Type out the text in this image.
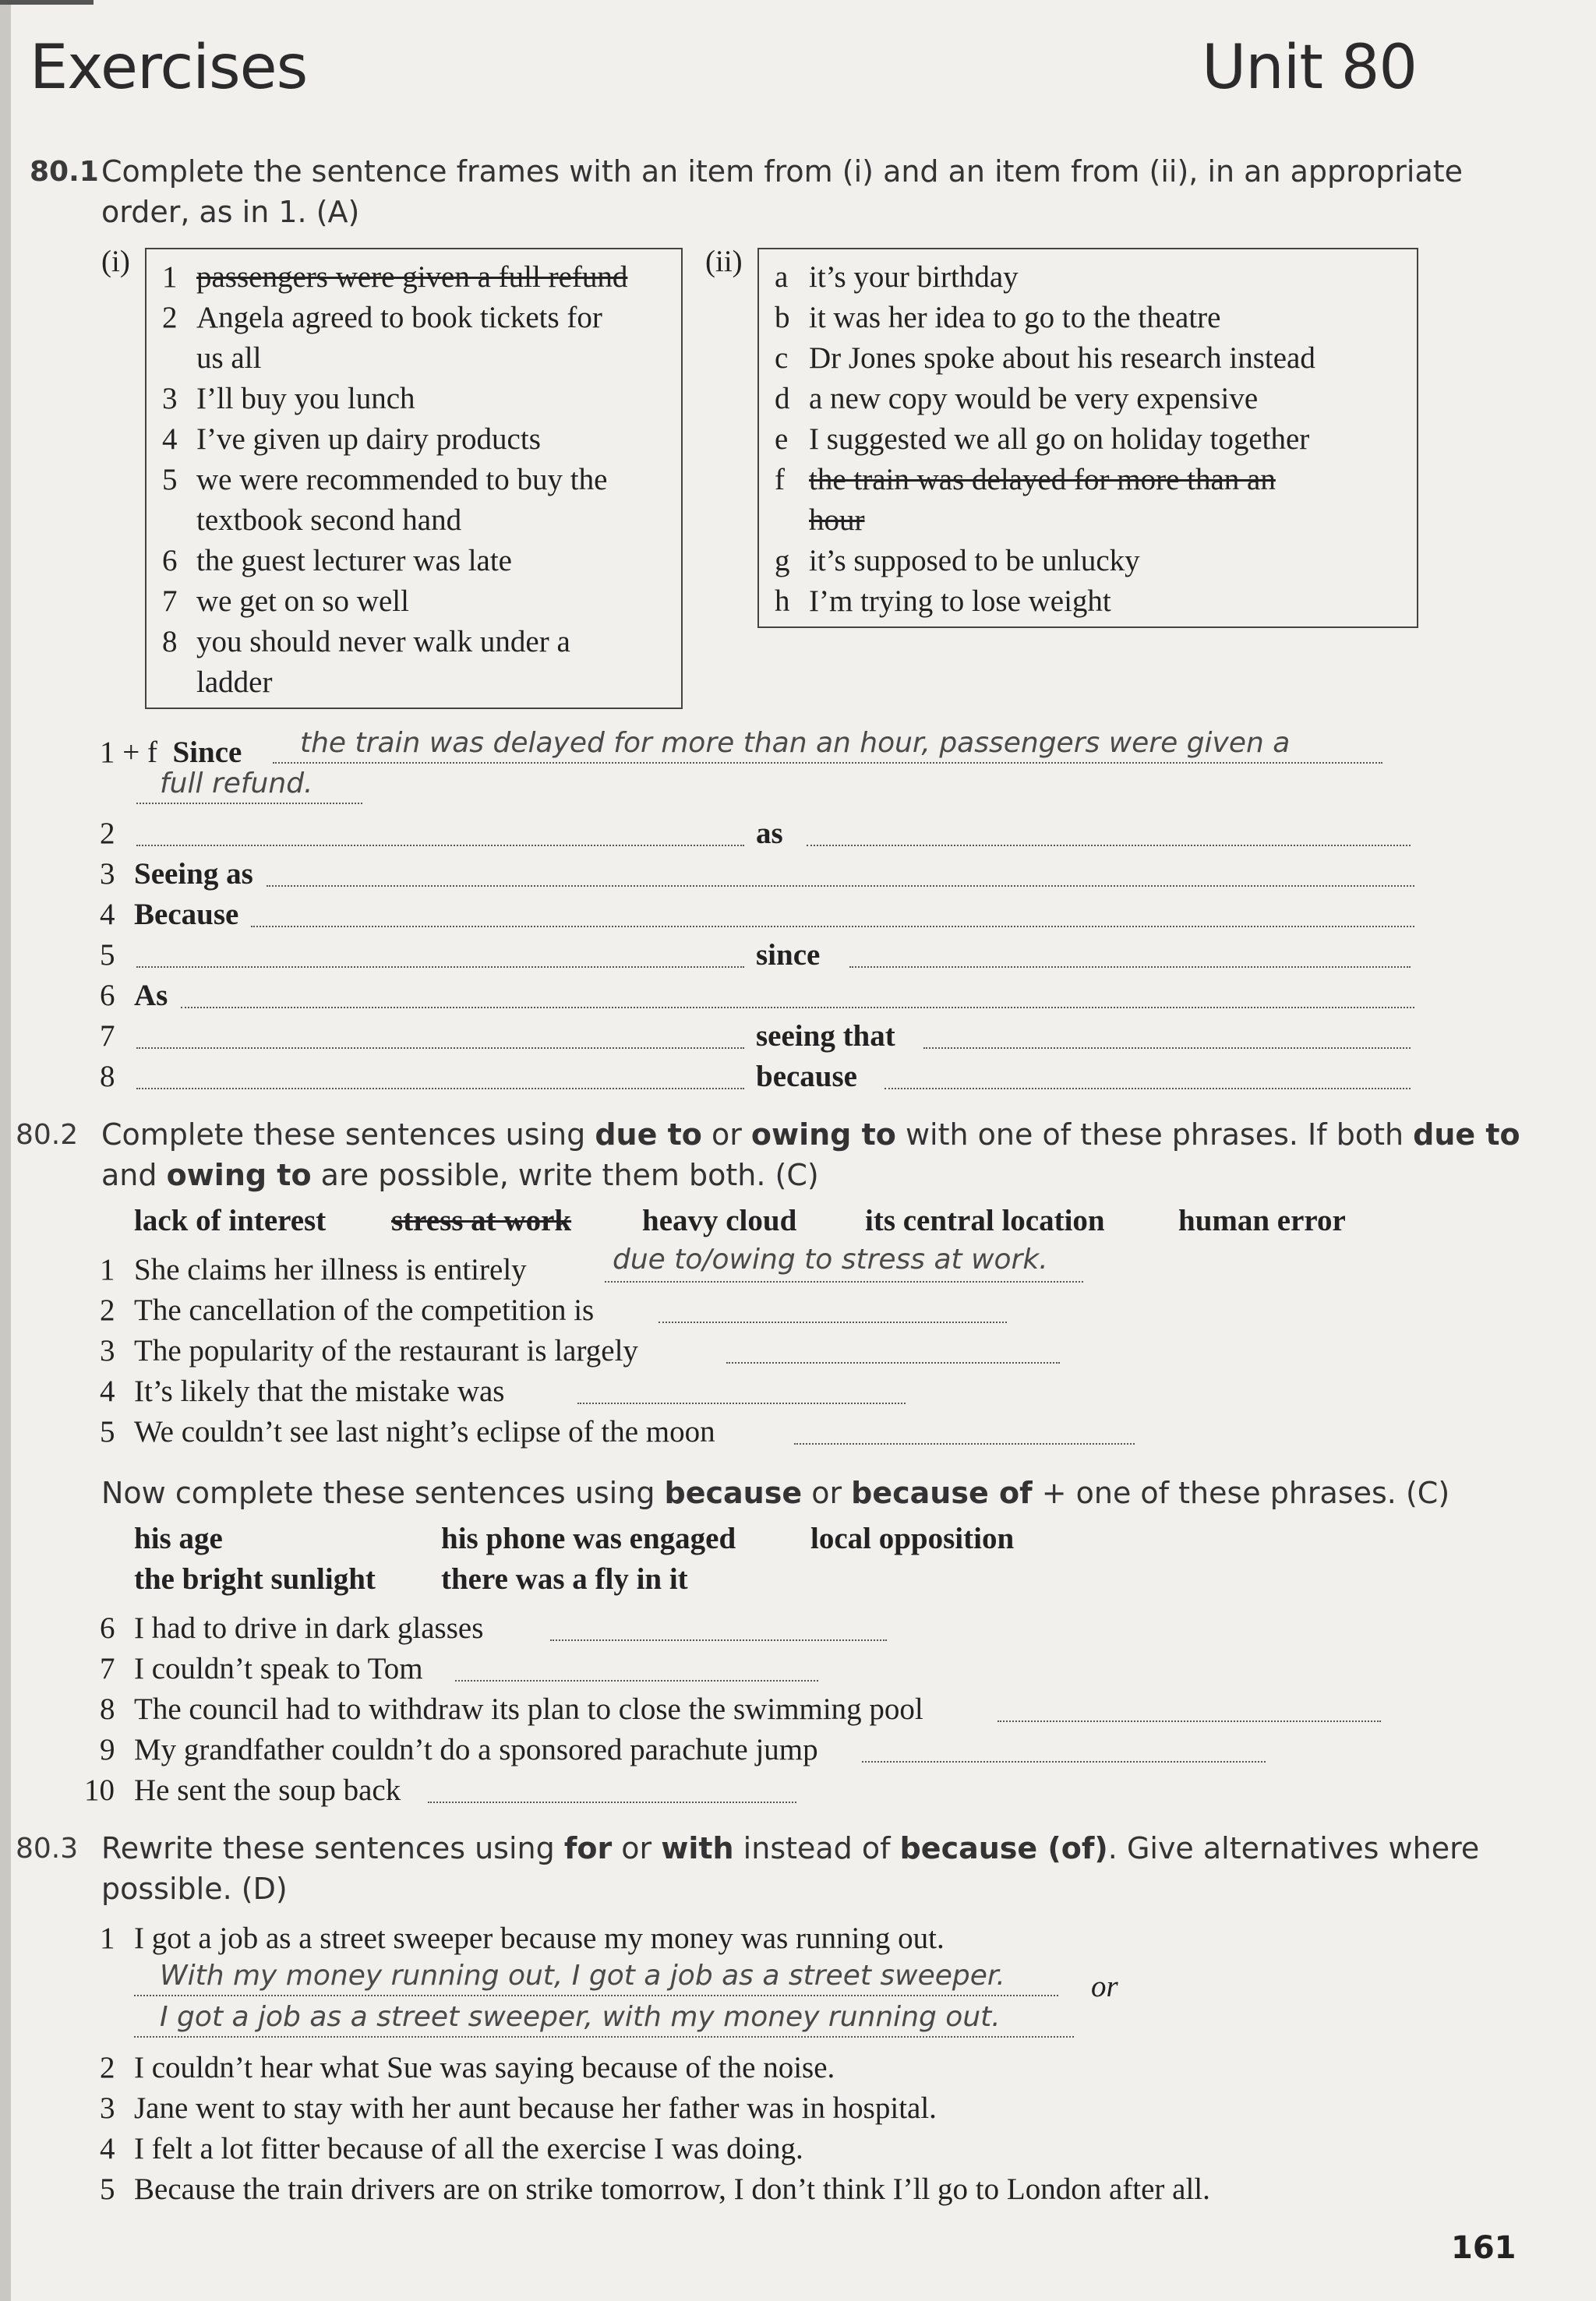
Exercises	Unit 80
80.1 Complete the sentence frames with an item from (i) and an item from (ii), in an appropriate
order, as in 1. (A)
(i) 1 passengers were given a full refund
2 Angela agreed to book tickets for
us all
3 I’ll buy you lunch
4 I’ve given up dairy products
5 we were recommended to buy the
textbook second hand
6 the guest lecturer was late
7 we get on so well
8 you should never walk under a
ladder
(ii) a it’s your birthday
b it was her idea to go to the theatre
c Dr Jones spoke about his research instead
d a new copy would be very expensive
e I suggested we all go on holiday together
f the train was delayed for more than an
hour
g it’s supposed to be unlucky
h I’m trying to lose weight
1 + f Since the train was delayed for more than an hour, passengers were given a
full refund.
2	as
3 Seeing as
4 Because
5	since
6 As
7	seeing that
8	because
80.2 Complete these sentences using due to or owing to with one of these phrases. If both due to
and owing to are possible, write them both. (C)
lack of interest stress at work heavy cloud its central location human error
1 She claims her illness is entirely	due to/owing to stress at work.
2 The cancellation of the competition is
3 The popularity of the restaurant is largely
4 It’s likely that the mistake was
5 We couldn’t see last night’s eclipse of the moon
Now complete these sentences using because or because of + one of these phrases. (C)
his age	his phone was engaged local opposition
the bright sunlight there was a fly in it
6 I had to drive in dark glasses
7 I couldn’t speak to Tom
8 The council had to withdraw its plan to close the swimming pool
9 My grandfather couldn’t do a sponsored parachute jump
10 He sent the soup back
80.3 Rewrite these sentences using for or with instead of because (of). Give alternatives where
possible. (D)
1 I got a job as a street sweeper because my money was running out.
2 I couldn’t hear what Sue was saying because of the noise.
3 Jane went to stay with her aunt because her father was in hospital.
4 I felt a lot fitter because of all the exercise I was doing.
5 Because the train drivers are on strike tomorrow, I don’t think I’ll go to London after all.
With my money running out, I got a job as a street sweeper.	or
I got a job as a street sweeper, with my money running out.
161
